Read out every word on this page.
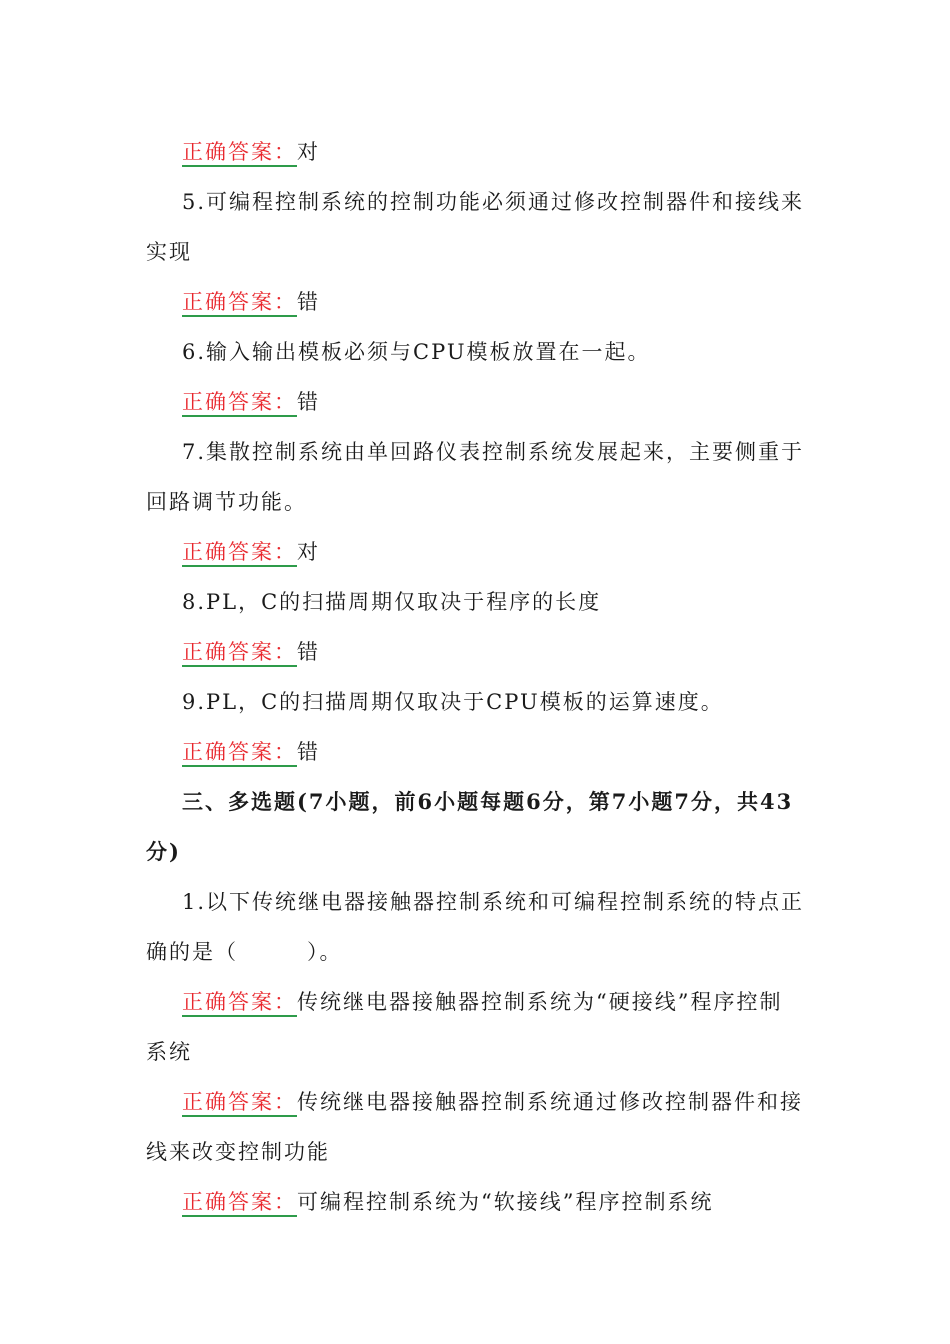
正确答案：对
5.可编程控制系统的控制功能必须通过修改控制器件和接线来
实现
正确答案：错
6.输入输出模板必须与CPU模板放置在一起。
正确答案：错
7.集散控制系统由单回路仪表控制系统发展起来，主要侧重于
回路调节功能。
正确答案：对
8.PL，C的扫描周期仅取决于程序的长度
正确答案：错
9.PL，C的扫描周期仅取决于CPU模板的运算速度。
正确答案：错
三、多选题(7小题，前6小题每题6分，第7小题7分，共43
分)
1.以下传统继电器接触器控制系统和可编程控制系统的特点正
确的是（　　　）。
正确答案：传统继电器接触器控制系统为“硬接线”程序控制
系统
正确答案：传统继电器接触器控制系统通过修改控制器件和接
线来改变控制功能
正确答案：可编程控制系统为“软接线”程序控制系统
